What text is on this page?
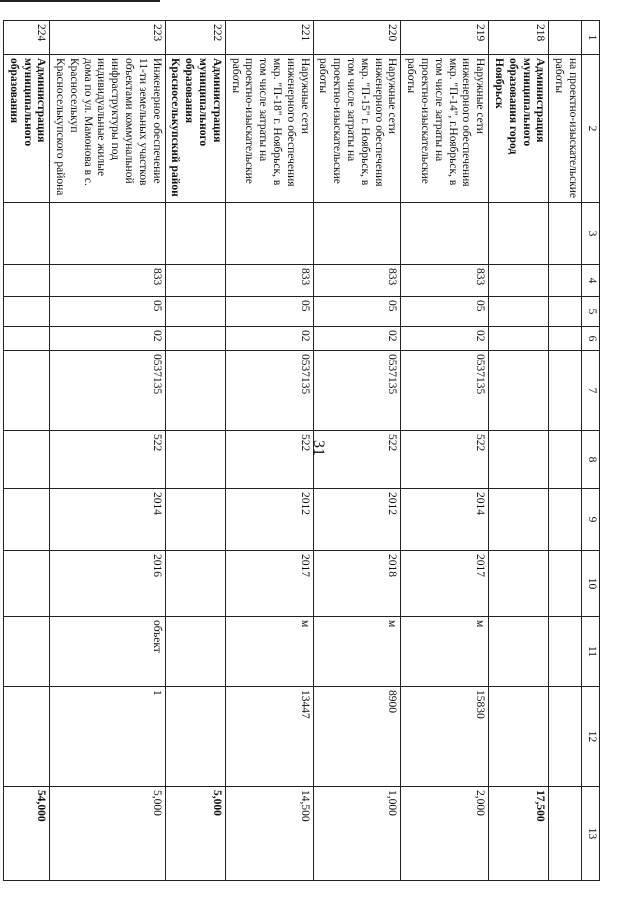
31
1	2	3	4	5	6	7	8	9	10	11	12	13
	на проектно-изыскательские работы											
218	Администрация муниципального образования город Ноябрьск											17,500
219	Наружные сети инженерного обеспечения мкр. "П-14", г.Ноябрьск, в том числе затраты на проектно-изыскательские работы		833	05	02	0537135	522	2014	2017	м	15830	2,000
220	Наружные сети инженерного обеспечения мкр. "П-15" г. Ноябрьск, в том числе затраты на проектно-изыскательские работы		833	05	02	0537135	522	2012	2018	м	8900	1,000
221	Наружные сети инженерного обеспечения мкр. "П-18" г. Ноябрьск, в том числе затраты на проектно-изыскательские работы		833	05	02	0537135	522	2012	2017	м	13447	14,500
222	Администрация муниципального образования Красноселькупский район											5,000
223	Инженерное обеспечение 11-ти земельных участков объектами коммунальной инфраструктуры под индивидуальные жилые дома по ул. Мамонова в с. Красноселькуп Красноселькупского района		833	05	02	0537135	522	2014	2016	объект	1	5,000
224	Администрация муниципального образования											54,000
